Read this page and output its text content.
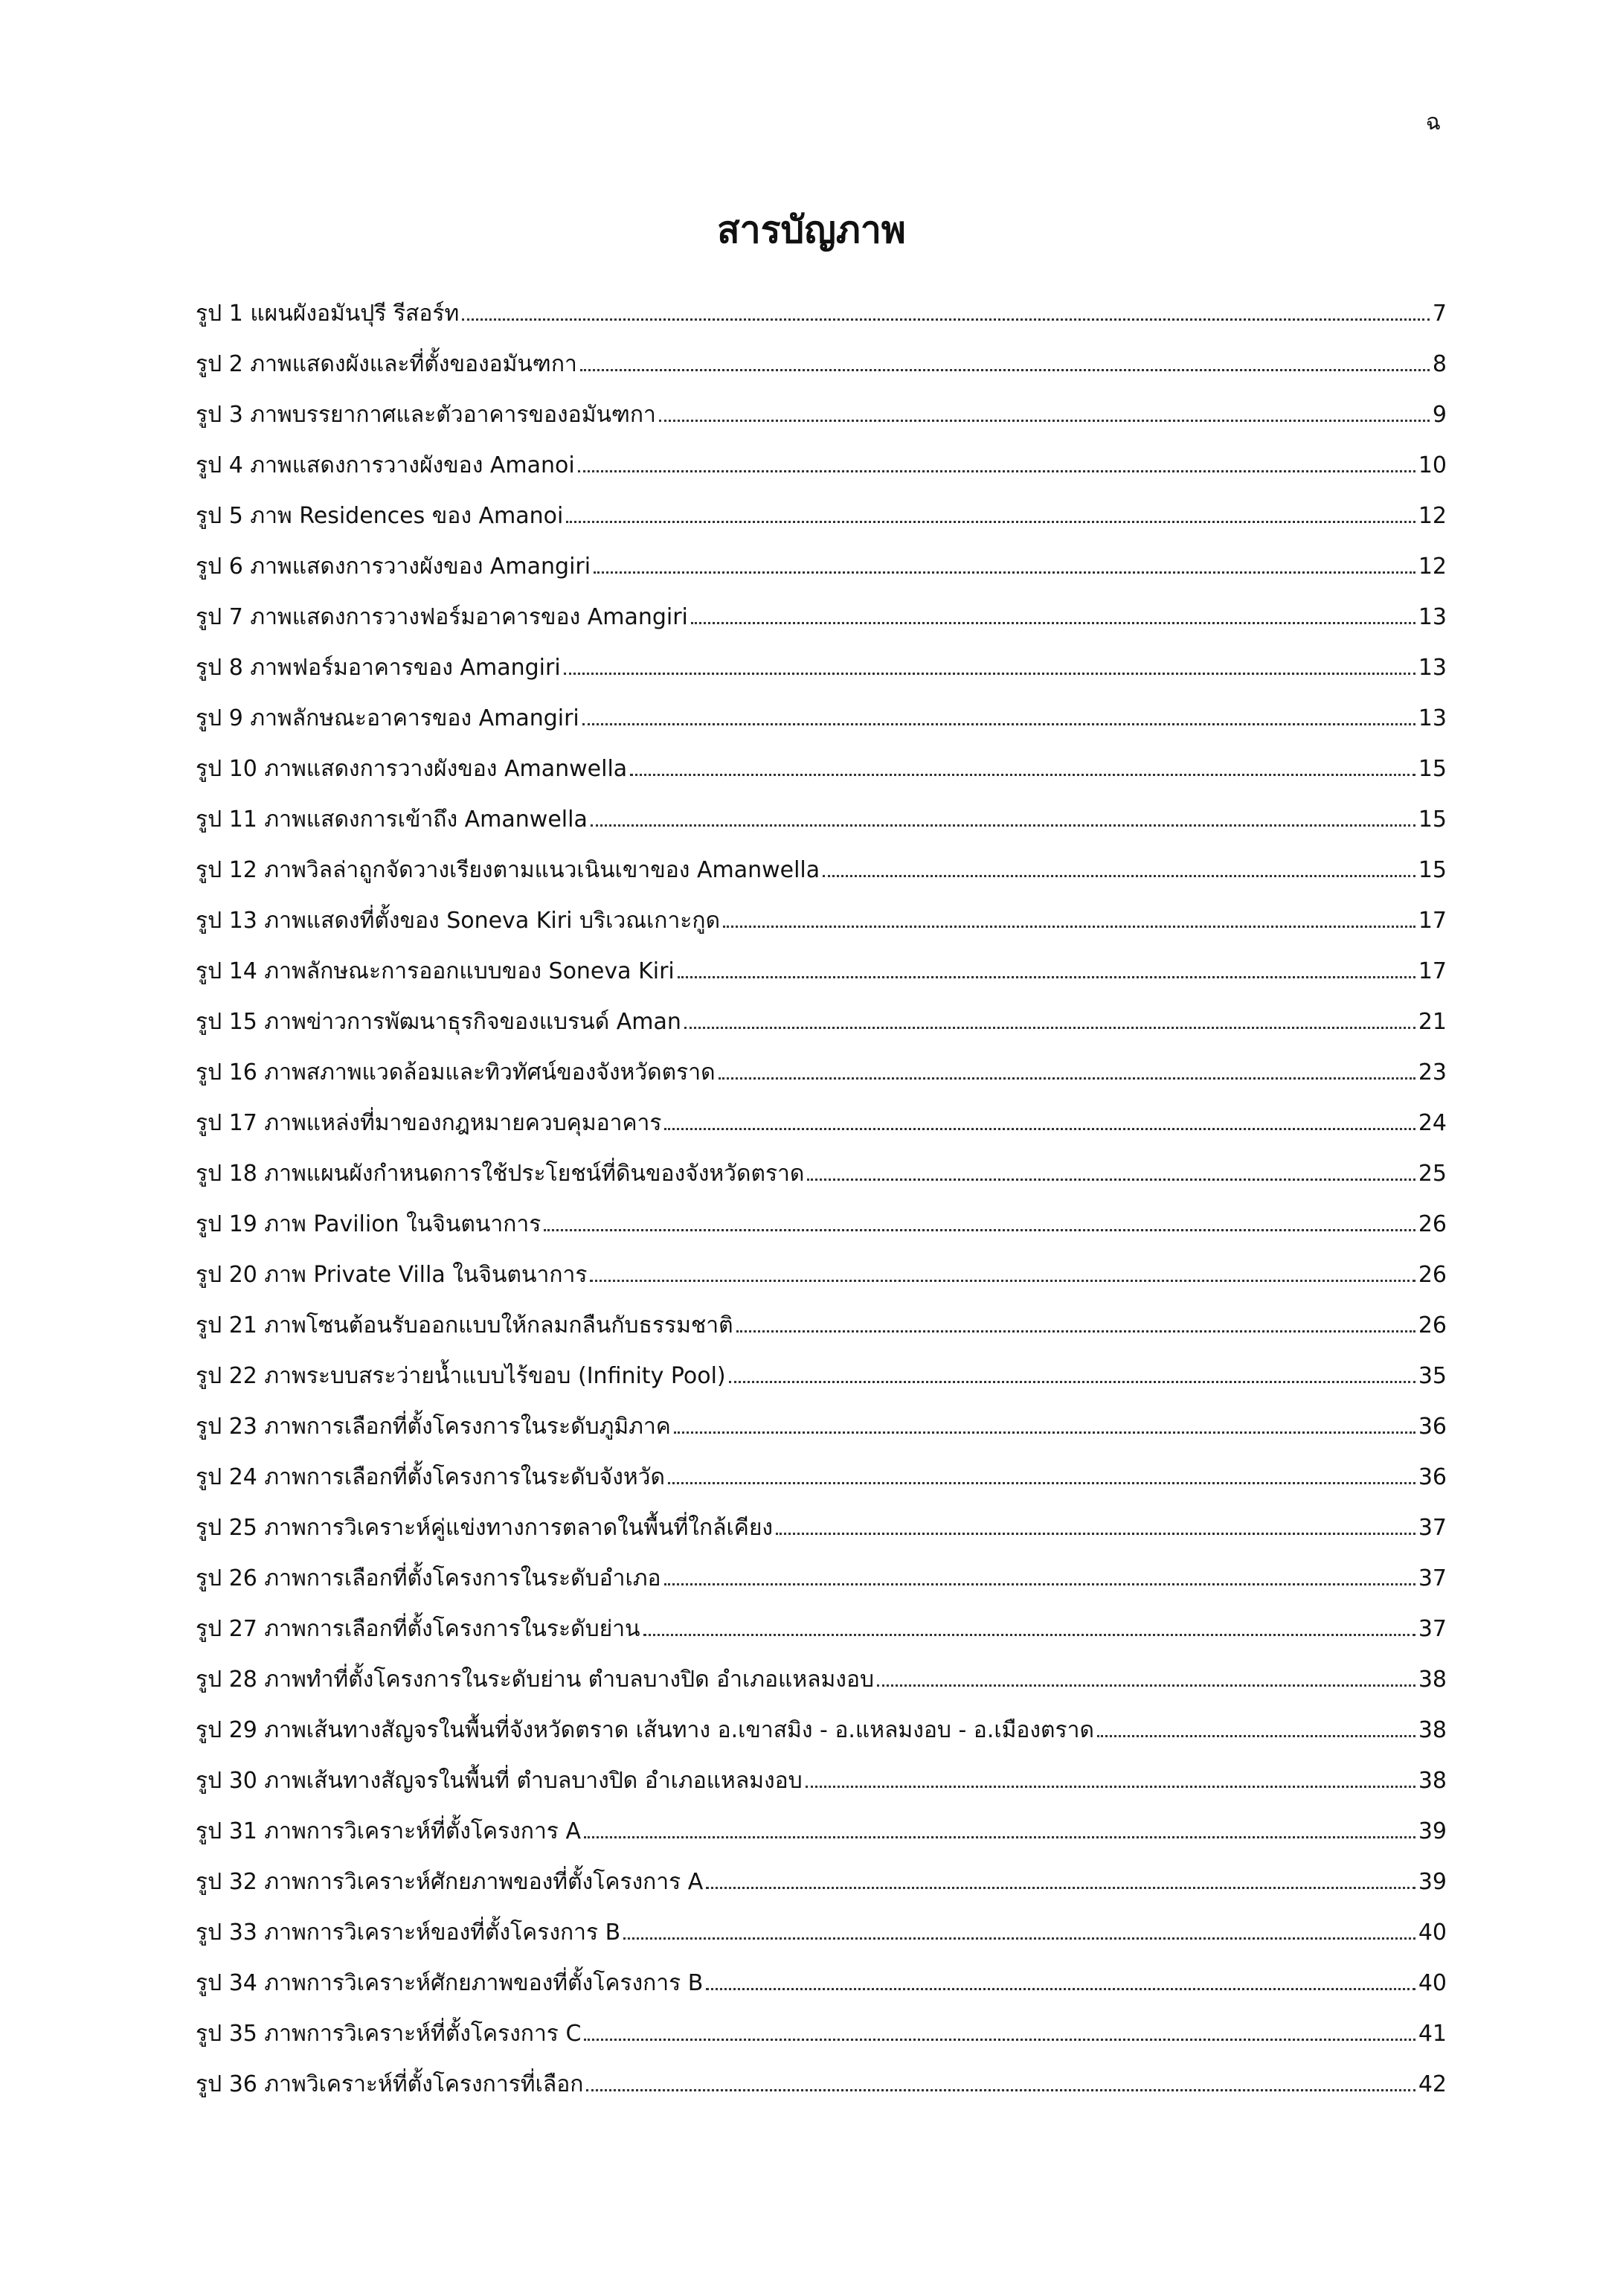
ฉ
สารบัญภาพ
รูป 1 แผนผังอมันปุรี รีสอร์ท	7
รูป 2 ภาพแสดงผังและที่ตั้งของอมันฑกา	8
รูป 3 ภาพบรรยากาศและตัวอาคารของอมันฑกา	9
รูป 4 ภาพแสดงการวางผังของ Amanoi	10
รูป 5 ภาพ Residences ของ Amanoi	12
รูป 6 ภาพแสดงการวางผังของ Amangiri	12
รูป 7 ภาพแสดงการวางฟอร์มอาคารของ Amangiri	13
รูป 8 ภาพฟอร์มอาคารของ Amangiri	13
รูป 9 ภาพลักษณะอาคารของ Amangiri	13
รูป 10 ภาพแสดงการวางผังของ Amanwella	15
รูป 11 ภาพแสดงการเข้าถึง Amanwella	15
รูป 12 ภาพวิลล่าถูกจัดวางเรียงตามแนวเนินเขาของ Amanwella	15
รูป 13 ภาพแสดงที่ตั้งของ Soneva Kiri บริเวณเกาะกูด	17
รูป 14 ภาพลักษณะการออกแบบของ Soneva Kiri	17
รูป 15 ภาพข่าวการพัฒนาธุรกิจของแบรนด์ Aman	21
รูป 16 ภาพสภาพแวดล้อมและทิวทัศน์ของจังหวัดตราด	23
รูป 17 ภาพแหล่งที่มาของกฎหมายควบคุมอาคาร	24
รูป 18 ภาพแผนผังกำหนดการใช้ประโยชน์ที่ดินของจังหวัดตราด	25
รูป 19 ภาพ Pavilion ในจินตนาการ	26
รูป 20 ภาพ Private Villa ในจินตนาการ	26
รูป 21 ภาพโซนต้อนรับออกแบบให้กลมกลืนกับธรรมชาติ	26
รูป 22 ภาพระบบสระว่ายน้ำแบบไร้ขอบ (Infinity Pool)	35
รูป 23 ภาพการเลือกที่ตั้งโครงการในระดับภูมิภาค	36
รูป 24 ภาพการเลือกที่ตั้งโครงการในระดับจังหวัด	36
รูป 25 ภาพการวิเคราะห์คู่แข่งทางการตลาดในพื้นที่ใกล้เคียง	37
รูป 26 ภาพการเลือกที่ตั้งโครงการในระดับอำเภอ	37
รูป 27 ภาพการเลือกที่ตั้งโครงการในระดับย่าน	37
รูป 28 ภาพทำที่ตั้งโครงการในระดับย่าน ตำบลบางปิด อำเภอแหลมงอบ	38
รูป 29 ภาพเส้นทางสัญจรในพื้นที่จังหวัดตราด เส้นทาง อ.เขาสมิง - อ.แหลมงอบ - อ.เมืองตราด	38
รูป 30 ภาพเส้นทางสัญจรในพื้นที่ ตำบลบางปิด อำเภอแหลมงอบ	38
รูป 31 ภาพการวิเคราะห์ที่ตั้งโครงการ A	39
รูป 32 ภาพการวิเคราะห์ศักยภาพของที่ตั้งโครงการ A	39
รูป 33 ภาพการวิเคราะห์ของที่ตั้งโครงการ B	40
รูป 34 ภาพการวิเคราะห์ศักยภาพของที่ตั้งโครงการ B	40
รูป 35 ภาพการวิเคราะห์ที่ตั้งโครงการ C	41
รูป 36 ภาพวิเคราะห์ที่ตั้งโครงการที่เลือก	42
